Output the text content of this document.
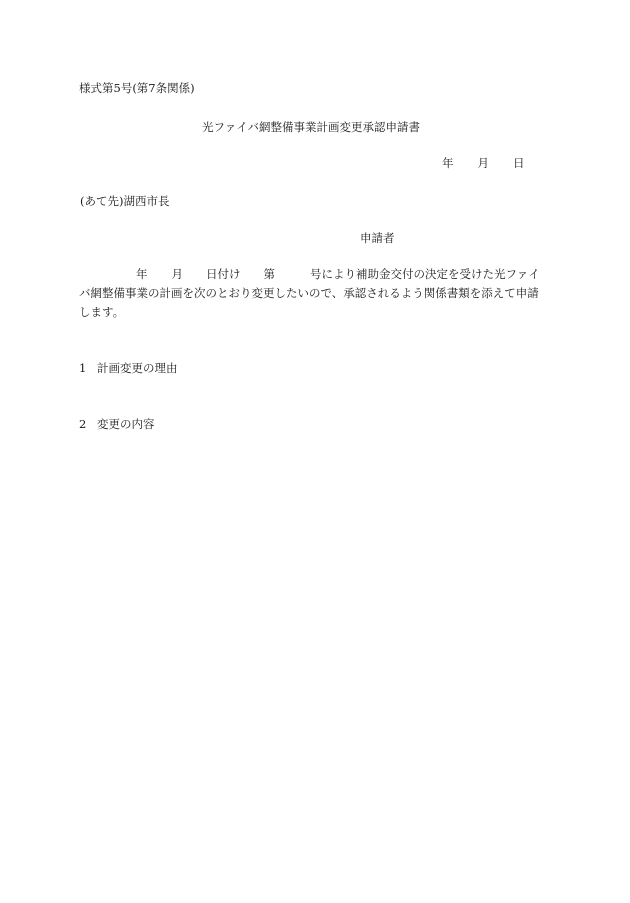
様式第5号(第7条関係)
光ファイバ網整備事業計画変更承認申請書
年 月 日
(あて先)湖西市長
申請者
年 月 日付け 第	号により補助金交付の決定を受けた光ファイ
バ網整備事業の計画を次のとおり変更したいので、承認されるよう関係書類を添えて申請
します。
1 計画変更の理由
2 変更の内容
